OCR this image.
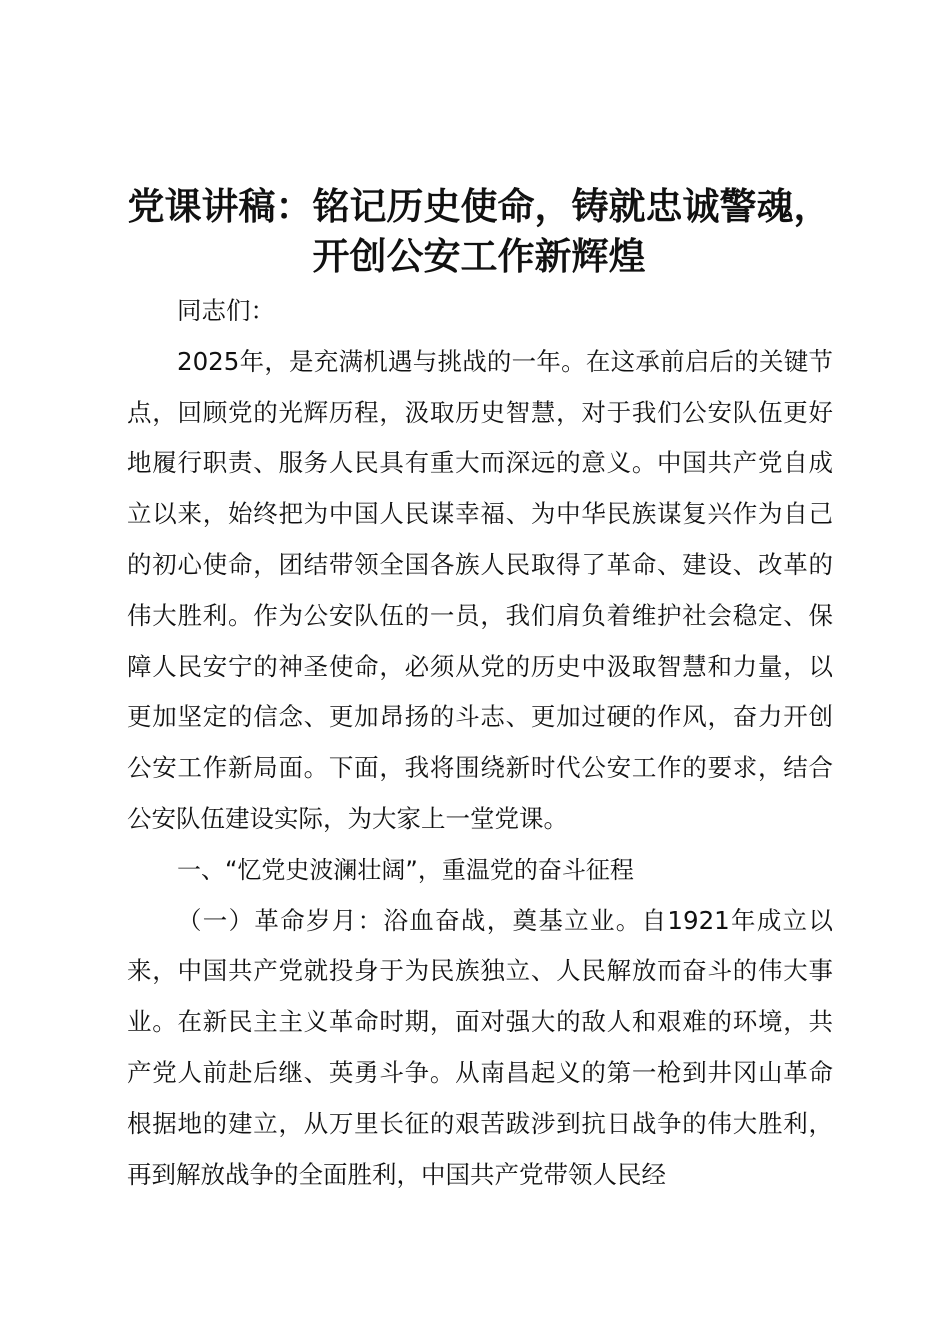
党课讲稿：铭记历史使命，铸就忠诚警魂，开创公安工作新辉煌

同志们：

2025年，是充满机遇与挑战的一年。在这承前启后的关键节点，回顾党的光辉历程，汲取历史智慧，对于我们公安队伍更好地履行职责、服务人民具有重大而深远的意义。中国共产党自成立以来，始终把为中国人民谋幸福、为中华民族谋复兴作为自己的初心使命，团结带领全国各族人民取得了革命、建设、改革的伟大胜利。作为公安队伍的一员，我们肩负着维护社会稳定、保障人民安宁的神圣使命，必须从党的历史中汲取智慧和力量，以更加坚定的信念、更加昂扬的斗志、更加过硬的作风，奋力开创公安工作新局面。下面，我将围绕新时代公安工作的要求，结合公安队伍建设实际，为大家上一堂党课。

一、“忆党史波澜壮阔”，重温党的奋斗征程

（一）革命岁月：浴血奋战，奠基立业。自1921年成立以来，中国共产党就投身于为民族独立、人民解放而奋斗的伟大事业。在新民主主义革命时期，面对强大的敌人和艰难的环境，共产党人前赴后继、英勇斗争。从南昌起义的第一枪到井冈山革命根据地的建立，从万里长征的艰苦跋涉到抗日战争的伟大胜利，再到解放战争的全面胜利，中国共产党带领人民经
